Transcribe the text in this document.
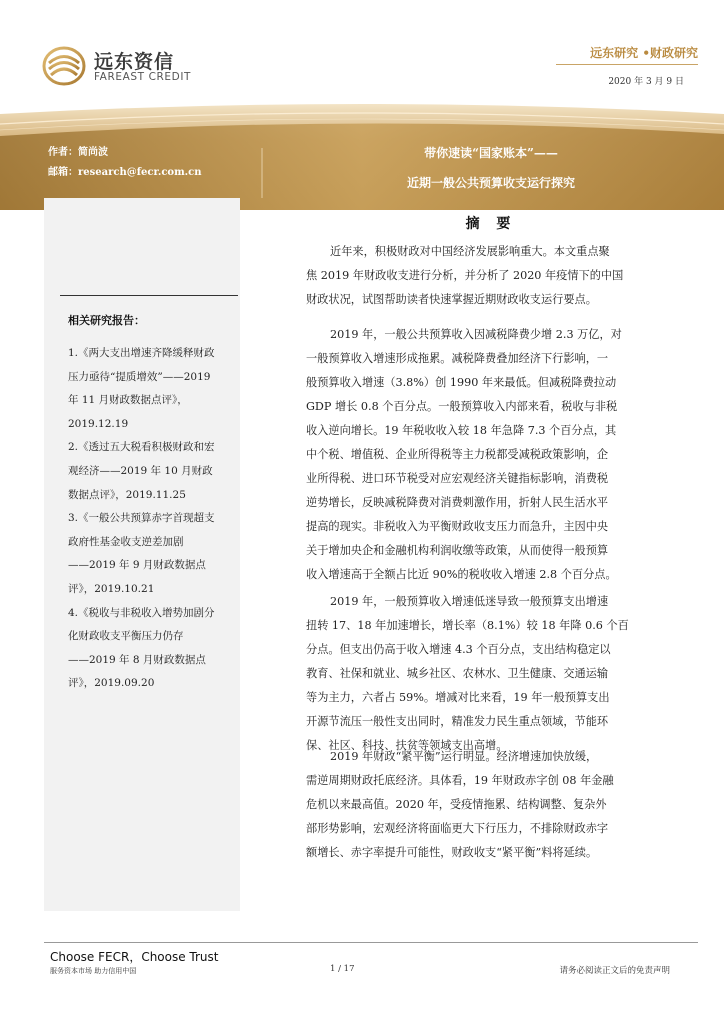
远东资信
FAREAST CREDIT
远东研究 •财政研究
2020 年 3 月 9 日
作者：简尚波
邮箱：research@fecr.com.cn
带你速读“国家账本”——
近期一般公共预算收支运行探究
相关研究报告：
1.《两大支出增速齐降缓释财政
压力亟待“提质增效”——2019
年 11 月财政数据点评》，
2019.12.19
2.《透过五大税看积极财政和宏
观经济——2019 年 10 月财政
数据点评》，2019.11.25
3.《一般公共预算赤字首现超支
政府性基金收支逆差加剧
——2019 年 9 月财政数据点
评》，2019.10.21
4.《税收与非税收入增势加剧分
化财政收支平衡压力仍存
——2019 年 8 月财政数据点
评》，2019.09.20
摘 要
近年来，积极财政对中国经济发展影响重大。本文重点聚
焦 2019 年财政收支进行分析，并分析了 2020 年疫情下的中国
财政状况，试图帮助读者快速掌握近期财政收支运行要点。
2019 年，一般公共预算收入因减税降费少增 2.3 万亿，对
一般预算收入增速形成拖累。减税降费叠加经济下行影响，一
般预算收入增速（3.8%）创 1990 年来最低。但减税降费拉动
GDP 增长 0.8 个百分点。一般预算收入内部来看，税收与非税
收入逆向增长。19 年税收收入较 18 年急降 7.3 个百分点，其
中个税、增值税、企业所得税等主力税都受减税政策影响，企
业所得税、进口环节税受对应宏观经济关键指标影响，消费税
逆势增长，反映减税降费对消费刺激作用，折射人民生活水平
提高的现实。非税收入为平衡财政收支压力而急升，主因中央
关于增加央企和金融机构利润收缴等政策，从而使得一般预算
收入增速高于全额占比近 90%的税收收入增速 2.8 个百分点。
2019 年，一般预算收入增速低迷导致一般预算支出增速
扭转 17、18 年加速增长，增长率（8.1%）较 18 年降 0.6 个百
分点。但支出仍高于收入增速 4.3 个百分点，支出结构稳定以
教育、社保和就业、城乡社区、农林水、卫生健康、交通运输
等为主力，六者占 59%。增减对比来看，19 年一般预算支出
开源节流压一般性支出同时，精准发力民生重点领域，节能环
保、社区、科技、扶贫等领域支出高增。
2019 年财政“紧平衡”运行明显。经济增速加快放缓，
需逆周期财政托底经济。具体看，19 年财政赤字创 08 年金融
危机以来最高值。2020 年，受疫情拖累、结构调整、复杂外
部形势影响，宏观经济将面临更大下行压力，不排除财政赤字
额增长、赤字率提升可能性，财政收支“紧平衡”料将延续。
Choose FECR，Choose Trust
服务资本市场 助力信用中国	1 / 17	请务必阅读正文后的免责声明
